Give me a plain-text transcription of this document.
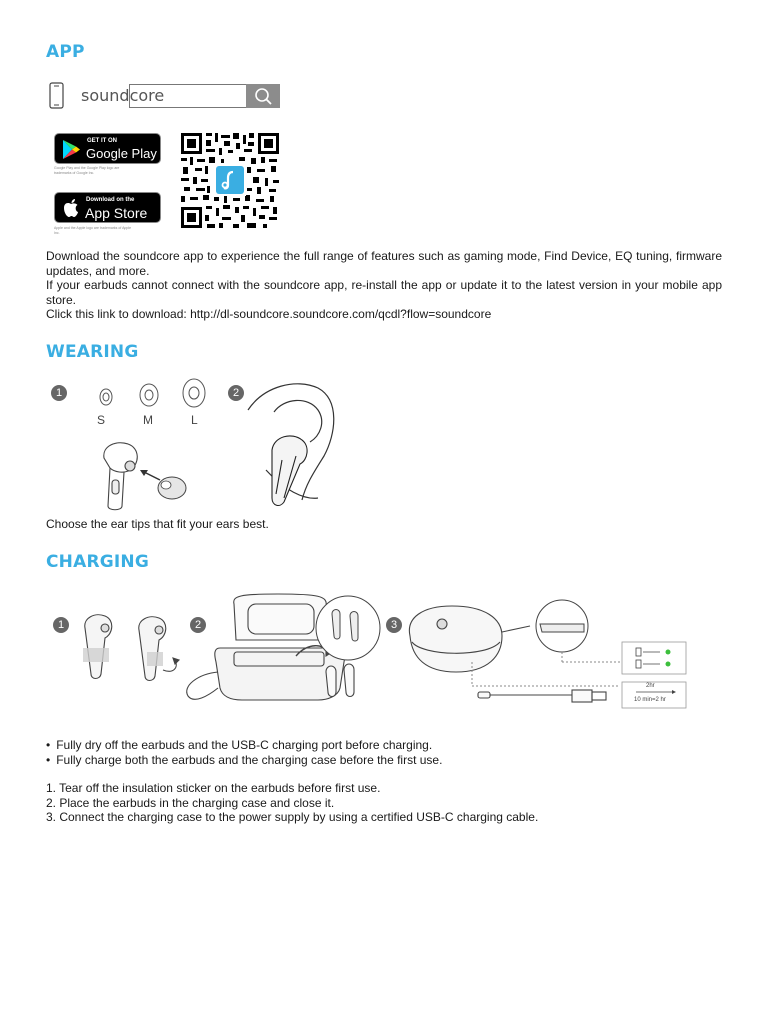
APP
soundcore
GET IT ON
Google Play
Google Play and the Google Play logo are trademarks of Google Inc.
Download on the
App Store
Apple and the Apple logo are trademarks of Apple Inc.

Download the soundcore app to experience the full range of features such as gaming mode, Find Device, EQ tuning, firmware updates, and more.

If your earbuds cannot connect with the soundcore app, re-install the app or update it to the latest version in your mobile app store.

Click this link to download: http://dl-soundcore.soundcore.com/qcdl?flow=soundcore

WEARING
1	2
S	M	L
Choose the ear tips that fit your ears best.
CHARGING
1	2	3
2hr
10 min=2 hr
• Fully dry off the earbuds and the USB-C charging port before charging.
• Fully charge both the earbuds and the charging case before the first use.
1. Tear off the insulation sticker on the earbuds before first use.
2. Place the earbuds in the charging case and close it.
3. Connect the charging case to the power supply by using a certified USB-C charging cable.
